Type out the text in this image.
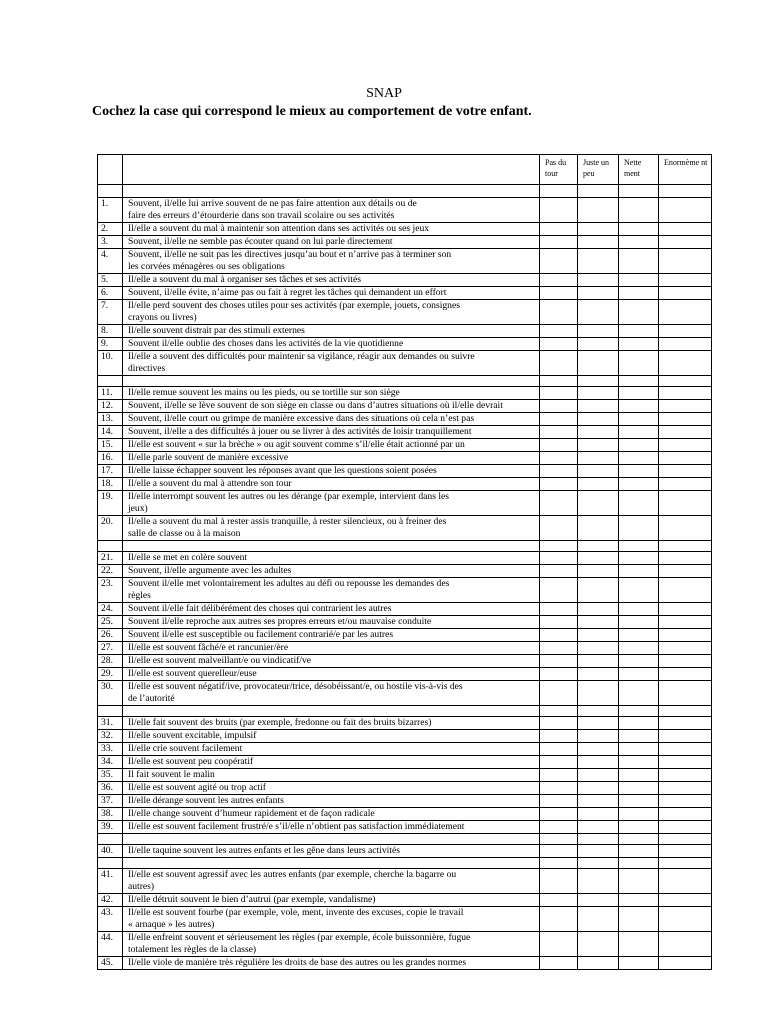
SNAP

Cochez la case qui correspond le mieux au comportement de votre enfant.

		Pas du tour	Juste un peu	Nette ment	Enormème nt

1.	Souvent, il/elle lui arrive souvent de ne pas faire attention aux détails ou de
faire des erreurs d’étourderie dans son travail scolaire ou ses activités				

2.	Il/elle a souvent du mal à maintenir son attention dans ses activités ou ses jeux				

3.	Souvent, il/elle ne semble pas écouter quand on lui parle directement				

4.	Souvent, il/elle ne suit pas les directives jusqu’au bout et n’arrive pas à terminer son
les corvées ménagères ou ses obligations				

5.	Il/elle a souvent du mal à organiser ses tâches et ses activités				

6.	Souvent, il/elle évite, n’aime pas ou fait à regret les tâches qui demandent un effort				

7.	Il/elle perd souvent des choses utiles pour ses activités (par exemple, jouets, consignes
crayons ou livres)				

8.	Il/elle souvent distrait par des stimuli externes				

9.	Souvent il/elle oublie des choses dans les activités de la vie quotidienne				

10.	Il/elle a souvent des difficultés pour maintenir sa vigilance, réagir aux demandes ou suivre
directives				

11.	Il/elle remue souvent les mains ou les pieds, ou se tortille sur son siège				

12.	Souvent, il/elle se lève souvent de son siège en classe ou dans d’autres situations où il/elle devrait				

13.	Souvent, il/elle court ou grimpe de manière excessive dans des situations où cela n’est pas				

14.	Souvent, il/elle a des difficultés à jouer ou se livrer à des activités de loisir tranquillement				

15.	Il/elle est souvent « sur la brèche » ou agit souvent comme s’il/elle était actionné par un				

16.	Il/elle parle souvent de manière excessive				

17.	Il/elle laisse échapper souvent les réponses avant que les questions soient posées				

18.	Il/elle a souvent du mal à attendre son tour				

19.	Il/elle interrompt souvent les autres ou les dérange (par exemple, intervient dans les
jeux)				

20.	Il/elle a souvent du mal à rester assis tranquille, à rester silencieux, ou à freiner des
salle de classe ou à la maison				

21.	Il/elle se met en colère souvent				

22.	Souvent, il/elle argumente avec les adultes				

23.	Souvent il/elle met volontairement les adultes au défi ou repousse les demandes des
règles				

24.	Souvent il/elle fait délibérément des choses qui contrarient les autres				

25.	Souvent il/elle reproche aux autres ses propres erreurs et/ou mauvaise conduite				

26.	Souvent il/elle est susceptible ou facilement contrarié/e par les autres				

27.	Il/elle est souvent fâché/e et rancunier/ère				

28.	Il/elle est souvent malveillant/e ou vindicatif/ve				

29.	Il/elle est souvent querelleur/euse				

30.	Il/elle est souvent négatif/ive, provocateur/trice, désobéissant/e, ou hostile vis-à-vis des
de l’autorité				

31.	Il/elle fait souvent des bruits (par exemple, fredonne ou fait des bruits bizarres)				

32.	Il/elle souvent excitable, impulsif				

33.	Il/elle crie souvent facilement				

34.	Il/elle est souvent peu coopératif				

35.	Il fait souvent le malin				

36.	Il/elle est souvent agité ou trop actif				

37.	Il/elle dérange souvent les autres enfants				

38.	Il/elle change souvent d’humeur rapidement et de façon radicale				

39.	Il/elle est souvent facilement frustré/e s’il/elle n’obtient pas satisfaction immédiatement				

40.	Il/elle taquine souvent les autres enfants et les gêne dans leurs activités				

41.	Il/elle est souvent agressif avec les autres enfants (par exemple, cherche la bagarre ou
autres)				

42.	Il/elle détruit souvent le bien d’autrui (par exemple, vandalisme)				

43.	Il/elle est souvent fourbe (par exemple, vole, ment, invente des excuses, copie le travail
« arnaque » les autres)				

44.	Il/elle enfreint souvent et sérieusement les règles (par exemple, école buissonnière, fugue
totalement les règles de la classe)				

45.	Il/elle viole de manière très régulière les droits de base des autres ou les grandes normes				
